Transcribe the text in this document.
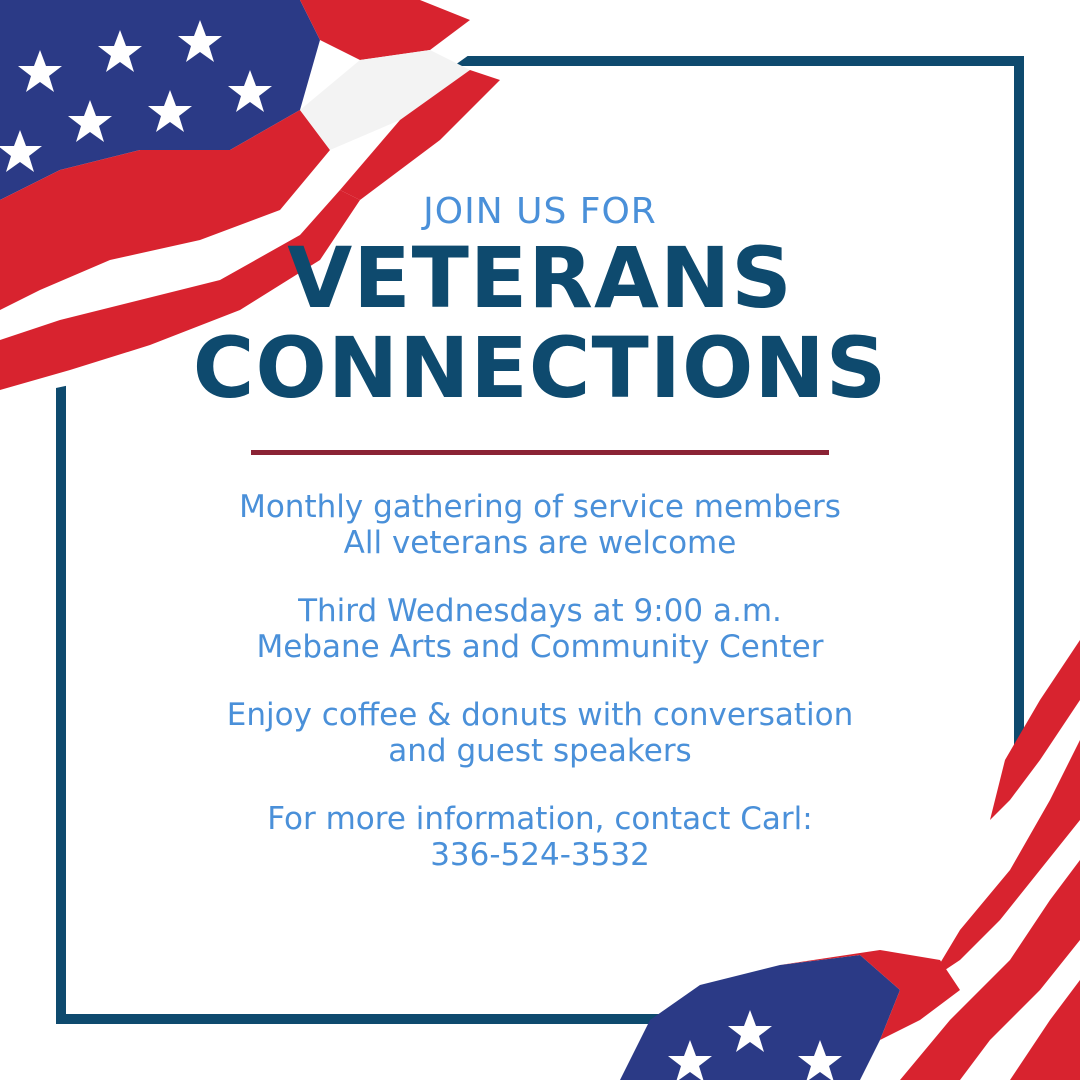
JOIN US FOR

VETERANS
CONNECTIONS

Monthly gathering of service members
All veterans are welcome

Third Wednesdays at 9:00 a.m.
Mebane Arts and Community Center

Enjoy coffee & donuts with conversation
and guest speakers

For more information, contact Carl:
336-524-3532
